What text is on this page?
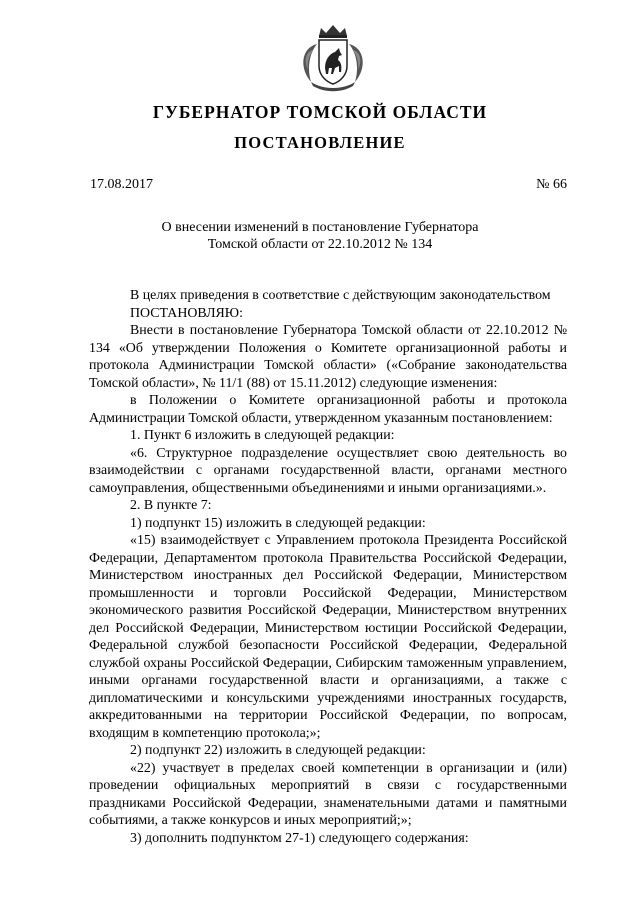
ГУБЕРНАТОР ТОМСКОЙ ОБЛАСТИ
ПОСТАНОВЛЕНИЕ
17.08.2017	№ 66
О внесении изменений в постановление Губернатора
Томской области от 22.10.2012 № 134

В целях приведения в соответствие с действующим законодательством

ПОСТАНОВЛЯЮ:

Внести в постановление Губернатора Томской области от 22.10.2012 № 134 «Об утверждении Положения о Комитете организационной работы и протокола Администрации Томской области» («Собрание законодательства Томской области», № 11/1 (88) от 15.11.2012) следующие изменения:

в Положении о Комитете организационной работы и протокола Администрации Томской области, утвержденном указанным постановлением:

1. Пункт 6 изложить в следующей редакции:

«6. Структурное подразделение осуществляет свою деятельность во взаимодействии с органами государственной власти, органами местного самоуправления, общественными объединениями и иными организациями.».

2. В пункте 7:

1) подпункт 15) изложить в следующей редакции:

«15) взаимодействует с Управлением протокола Президента Российской Федерации, Департаментом протокола Правительства Российской Федерации, Министерством иностранных дел Российской Федерации, Министерством промышленности и торговли Российской Федерации, Министерством экономического развития Российской Федерации, Министерством внутренних дел Российской Федерации, Министерством юстиции Российской Федерации, Федеральной службой безопасности Российской Федерации, Федеральной службой охраны Российской Федерации, Сибирским таможенным управлением, иными органами государственной власти и организациями, а также с дипломатическими и консульскими учреждениями иностранных государств, аккредитованными на территории Российской Федерации, по вопросам, входящим в компетенцию протокола;»;

2) подпункт 22) изложить в следующей редакции:

«22) участвует в пределах своей компетенции в организации и (или) проведении официальных мероприятий в связи с государственными праздниками Российской Федерации, знаменательными датами и памятными событиями, а также конкурсов и иных мероприятий;»;

3) дополнить подпунктом 27-1) следующего содержания:
